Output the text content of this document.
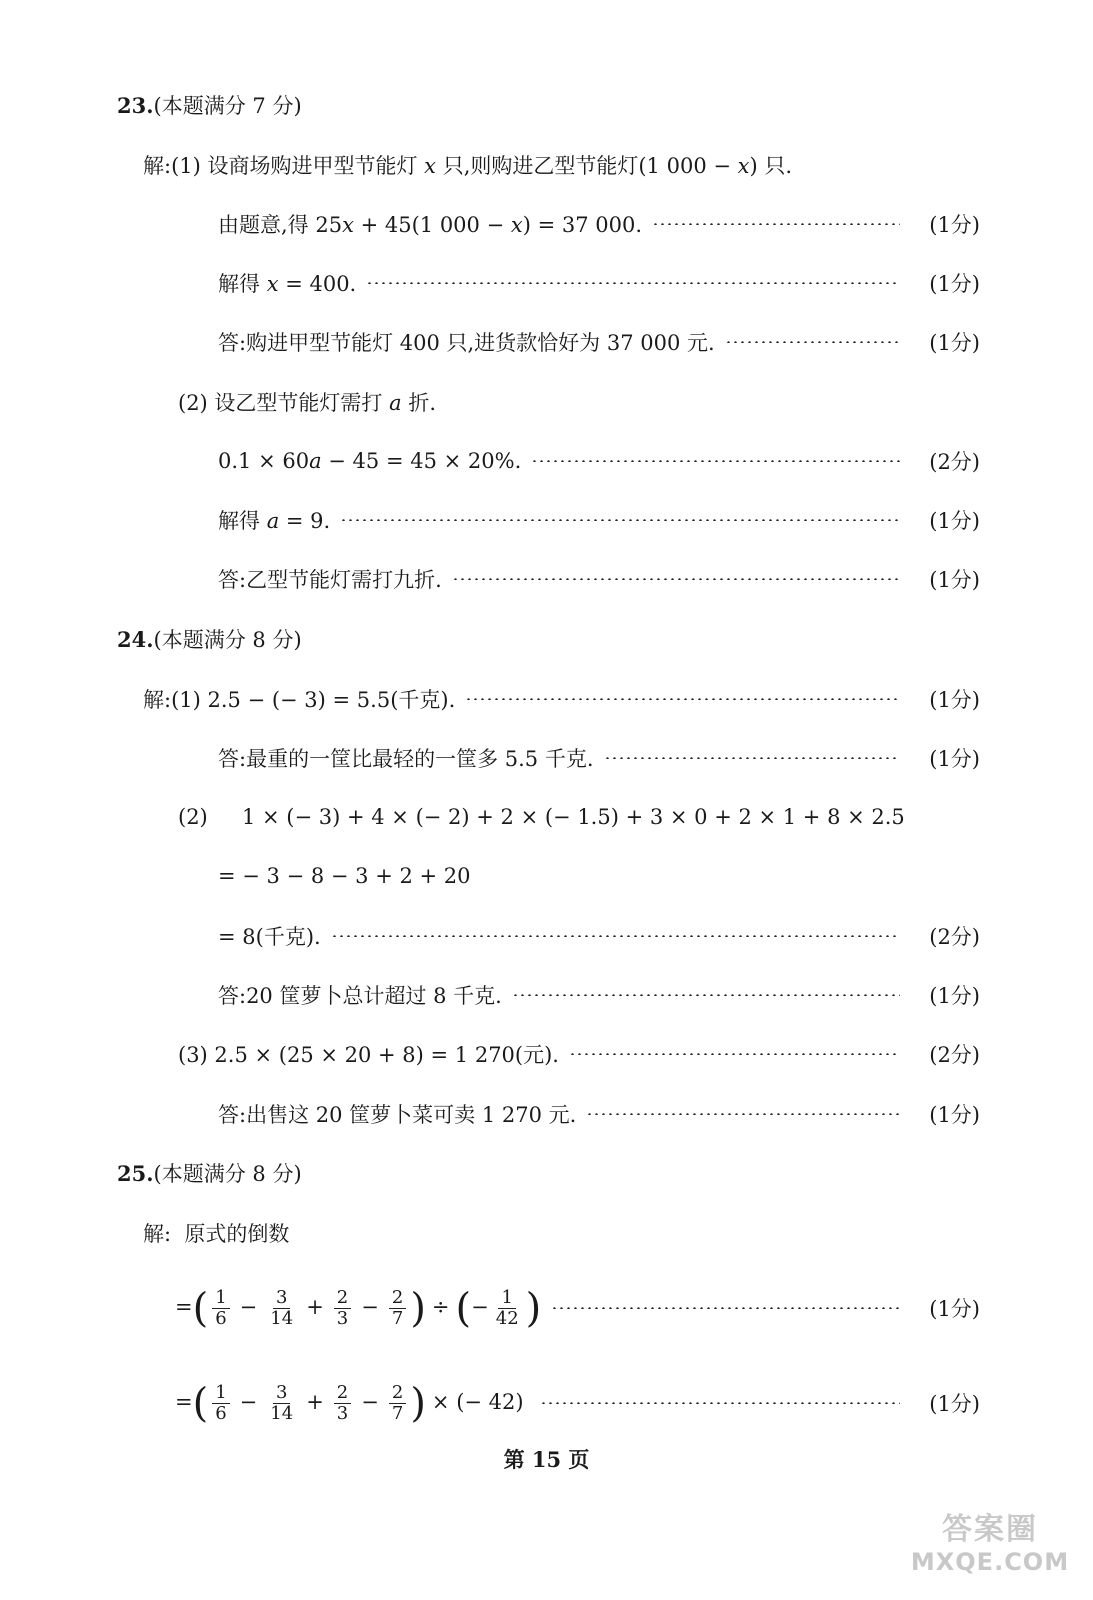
23. (本题满分 7 分)
解:(1) 设商场购进甲型节能灯 x 只,则购进乙型节能灯(1 000 − x) 只.
由题意,得 25x + 45(1 000 − x) = 37 000.	(1分)
解得 x = 400.	(1分)
答:购进甲型节能灯 400 只,进货款恰好为 37 000 元.	(1分)
(2) 设乙型节能灯需打 a 折.
0.1 × 60a − 45 = 45 × 20%.	(2分)
解得 a = 9.	(1分)
答:乙型节能灯需打九折.	(1分)
24. (本题满分 8 分)
解:(1) 2.5 − (− 3) = 5.5(千克).	(1分)
答:最重的一筐比最轻的一筐多 5.5 千克.	(1分)
(2)	1 × (− 3) + 4 × (− 2) + 2 × (− 1.5) + 3 × 0 + 2 × 1 + 8 × 2.5
= − 3 − 8 − 3 + 2 + 20
= 8(千克).	(2分)
答:20 筐萝卜总计超过 8 千克.	(1分)
(3) 2.5 × (25 × 20 + 8) = 1 270(元).	(2分)
答:出售这 20 筐萝卜菜可卖 1 270 元.	(1分)
25. (本题满分 8 分)
解:  原式的倒数
=( $\frac{1}{6} - \frac{3}{14} + \frac{2}{3} - \frac{2}{7}$ ) ÷ (− $\frac{1}{42}$ )	(1分)
=( $\frac{1}{6} - \frac{3}{14} + \frac{2}{3} - \frac{2}{7}$ ) × (− 42)	(1分)
第 15 页
答案圈
MXQE.COM
